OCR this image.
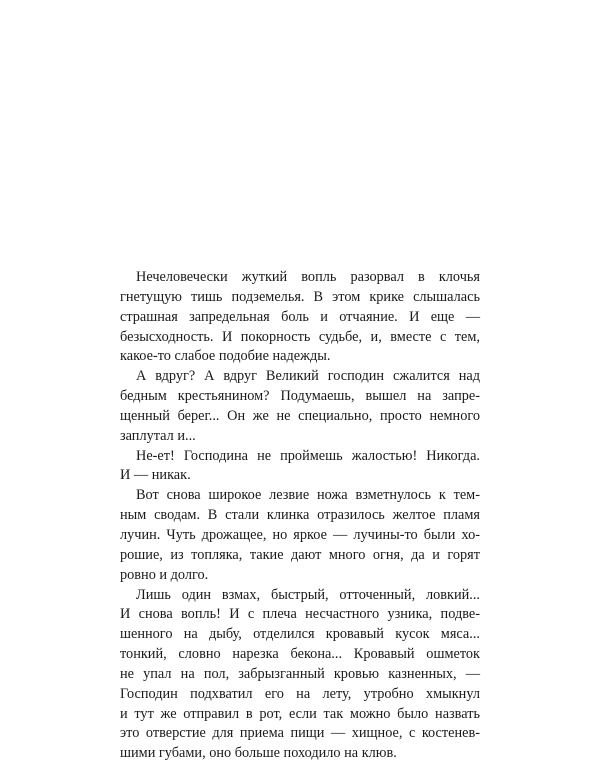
Нечеловечески жуткий вопль разорвал в клочья
гнетущую тишь подземелья. В этом крике слышалась
страшная запредельная боль и отчаяние. И еще —
безысходность. И покорность судьбе, и, вместе с тем,
какое-то слабое подобие надежды.
А вдруг? А вдруг Великий господин сжалится над
бедным крестьянином? Подумаешь, вышел на запре-
щенный берег... Он же не специально, просто немного
заплутал и...
Не-ет! Господина не проймешь жалостью! Никогда.
И — никак.
Вот снова широкое лезвие ножа взметнулось к тем-
ным сводам. В стали клинка отразилось желтое пламя
лучин. Чуть дрожащее, но яркое — лучины-то были хо-
рошие, из топляка, такие дают много огня, да и горят
ровно и долго.
Лишь один взмах, быстрый, отточенный, ловкий...
И снова вопль! И с плеча несчастного узника, подве-
шенного на дыбу, отделился кровавый кусок мяса...
тонкий, словно нарезка бекона... Кровавый ошметок
не упал на пол, забрызганный кровью казненных, —
Господин подхватил его на лету, утробно хмыкнул
и тут же отправил в рот, если так можно было назвать
это отверстие для приема пищи — хищное, с костенев-
шими губами, оно больше походило на клюв.
